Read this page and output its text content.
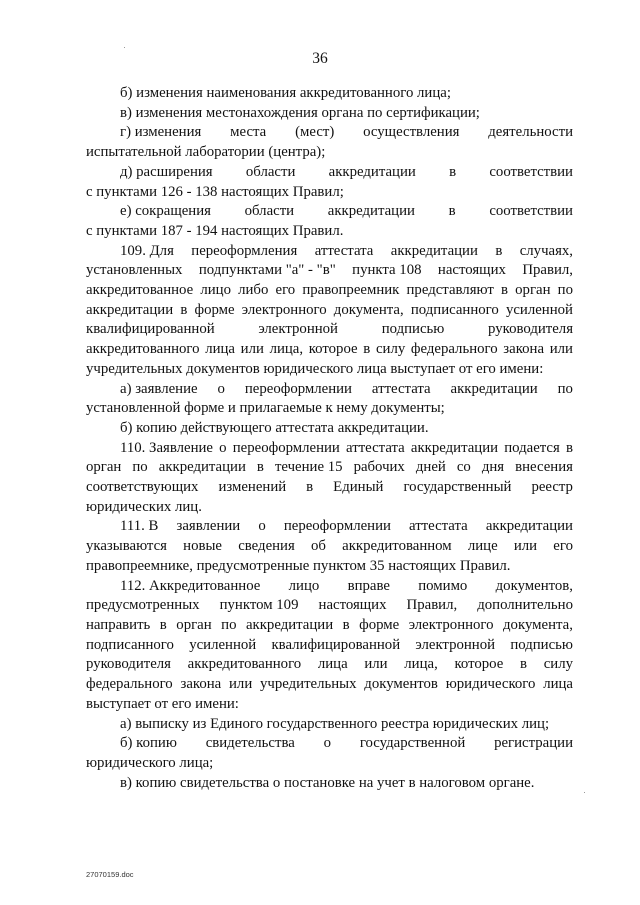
36
б) изменения наименования аккредитованного лица;
в) изменения местонахождения органа по сертификации;
г) изменения места (мест) осуществления деятельности
испытательной лаборатории (центра);
д) расширения области аккредитации в соответствии
с пунктами 126 - 138 настоящих Правил;
е) сокращения области аккредитации в соответствии
с пунктами 187 - 194 настоящих Правил.
109. Для переоформления аттестата аккредитации в случаях,
установленных подпунктами "а" - "в" пункта 108 настоящих Правил,
аккредитованное лицо либо его правопреемник представляют в орган по
аккредитации в форме электронного документа, подписанного усиленной
квалифицированной	электронной	подписью	руководителя
аккредитованного лица или лица, которое в силу федерального закона или
учредительных документов юридического лица выступает от его имени:
а) заявление о переоформлении аттестата аккредитации по
установленной форме и прилагаемые к нему документы;
б) копию действующего аттестата аккредитации.
110. Заявление о переоформлении аттестата аккредитации подается в
орган по аккредитации в течение 15 рабочих дней со дня внесения
соответствующих изменений в Единый государственный реестр
юридических лиц.
111. В заявлении о переоформлении аттестата аккредитации
указываются новые сведения об аккредитованном лице или его
правопреемнике, предусмотренные пунктом 35 настоящих Правил.
112. Аккредитованное лицо вправе помимо документов,
предусмотренных пунктом 109 настоящих Правил, дополнительно
направить в орган по аккредитации в форме электронного документа,
подписанного усиленной квалифицированной электронной подписью
руководителя аккредитованного лица или лица, которое в силу
федерального закона или учредительных документов юридического лица
выступает от его имени:
а) выписку из Единого государственного реестра юридических лиц;
б) копию свидетельства о государственной регистрации
юридического лица;
в) копию свидетельства о постановке на учет в налоговом органе.
27070159.doc
